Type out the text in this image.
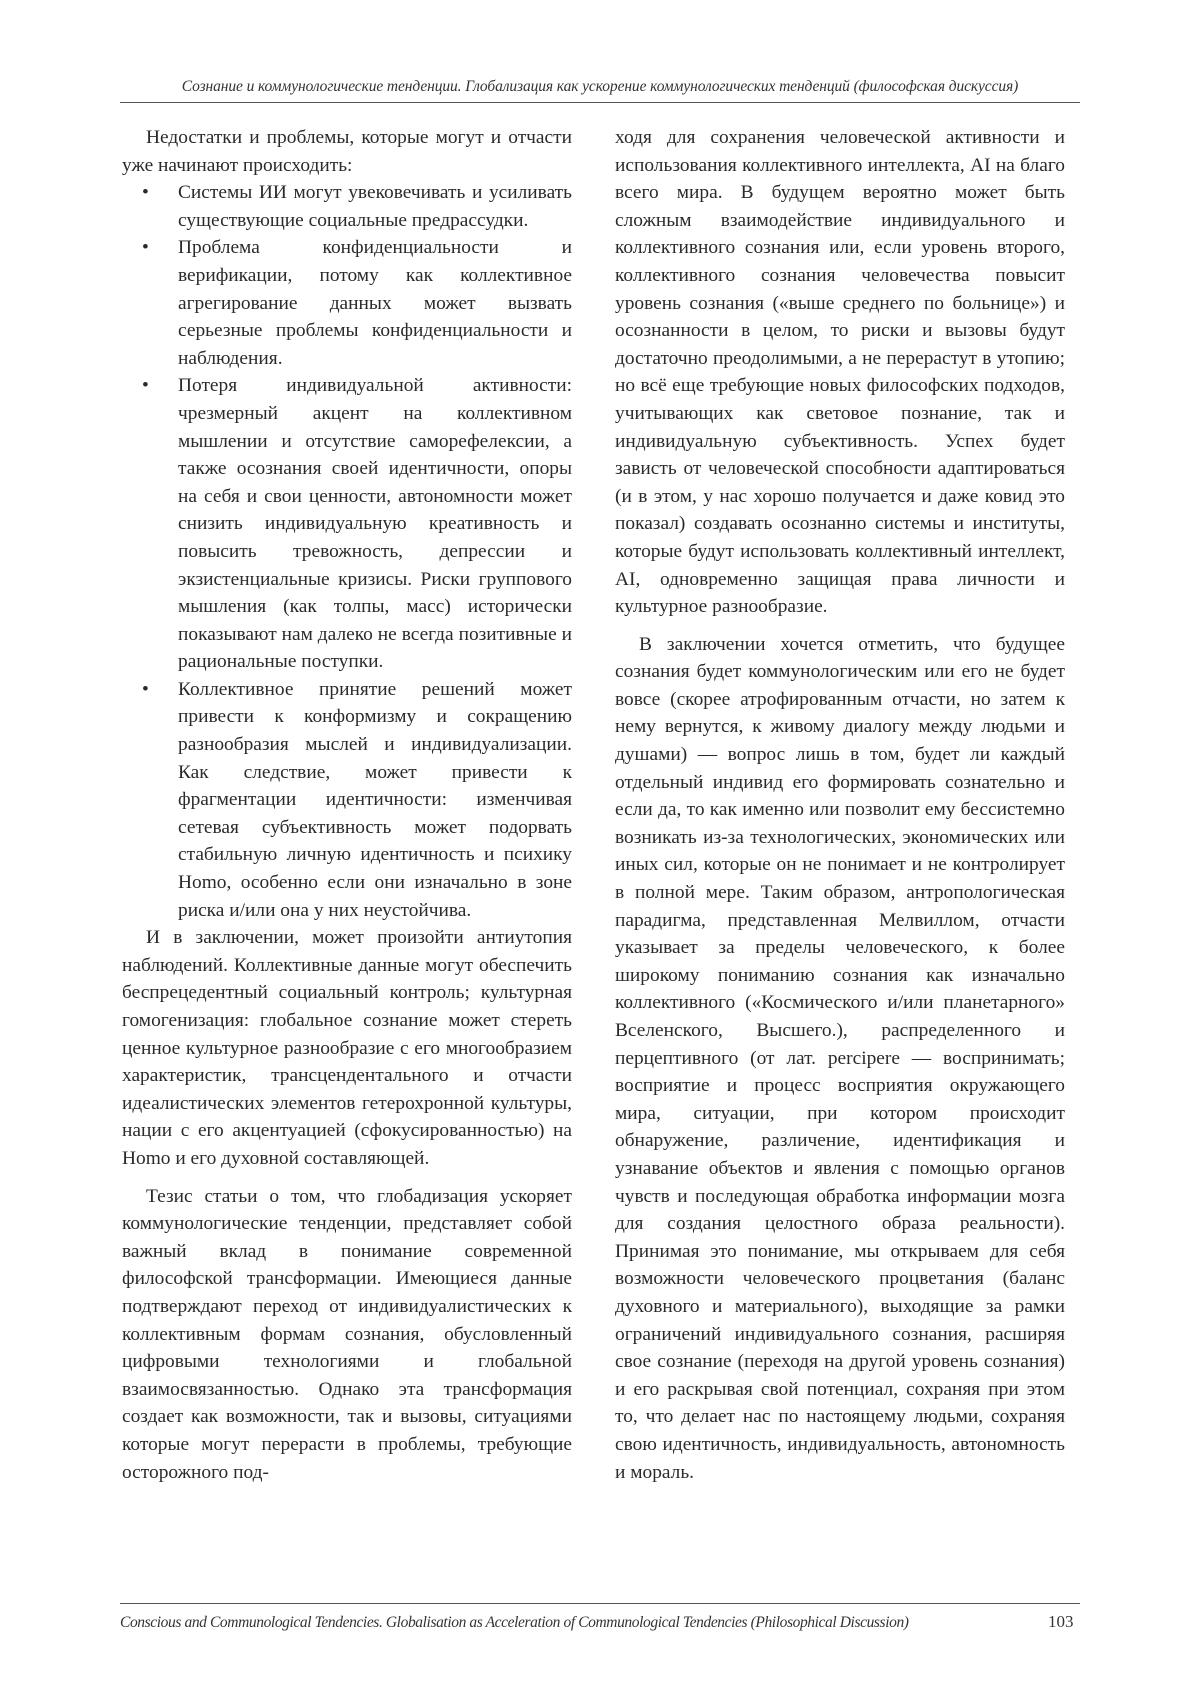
Сознание и коммунологические тенденции. Глобализация как ускорение коммунологических тенденций (философская дискуссия)

Недостатки и проблемы, которые могут и отчасти уже начинают происходить:

• Системы ИИ могут увековечивать и усиливать существующие социальные предрассудки.
• Проблема конфиденциальности и верификации, потому как коллективное агрегирование данных может вызвать серьезные проблемы конфиденциальности и наблюдения.
• Потеря индивидуальной активности: чрезмерный акцент на коллективном мышлении и отсутствие саморефелексии, а также осознания своей идентичности, опоры на себя и свои ценности, автономности может снизить индивидуальную креативность и повысить тревожность, депрессии и экзистенциальные кризисы. Риски группового мышления (как толпы, масс) исторически показывают нам далеко не всегда позитивные и рациональные поступки.
• Коллективное принятие решений может привести к конформизму и сокращению разнообразия мыслей и индивидуализации. Как следствие, может привести к фрагментации идентичности: изменчивая сетевая субъективность может подорвать стабильную личную идентичность и психику Homo, особенно если они изначально в зоне риска и/или она у них неустойчива.

И в заключении, может произойти антиутопия наблюдений. Коллективные данные могут обеспечить беспрецедентный социальный контроль; культурная гомогенизация: глобальное сознание может стереть ценное культурное разнообразие с его многообразием характеристик, трансцендентального и отчасти идеалистических элементов гетерохронной культуры, нации с его акцентуацией (сфокусированностью) на Homo и его духовной составляющей.

Тезис статьи о том, что глобадизация ускоряет коммунологические тенденции, представляет собой важный вклад в понимание современной философской трансформации. Имеющиеся данные подтверждают переход от индивидуалистических к коллективным формам сознания, обусловленный цифровыми технологиями и глобальной взаимосвязанностью. Однако эта трансформация создает как возможности, так и вызовы, ситуациями которые могут перерасти в проблемы, требующие осторожного под-

ходя для сохранения человеческой активности и использования коллективного интеллекта, AI на благо всего мира. В будущем вероятно может быть сложным взаимодействие индивидуального и коллективного сознания или, если уровень второго, коллективного сознания человечества повысит уровень сознания («выше среднего по больнице») и осознанности в целом, то риски и вызовы будут достаточно преодолимыми, а не перерастут в утопию; но всё еще требующие новых философских подходов, учитывающих как световое познание, так и индивидуальную субъективность. Успех будет зависть от человеческой способности адаптироваться (и в этом, у нас хорошо получается и даже ковид это показал) создавать осознанно системы и институты, которые будут использовать коллективный интеллект, AI, одновременно защищая права личности и культурное разнообразие.

В заключении хочется отметить, что будущее сознания будет коммунологическим или его не будет вовсе (скорее атрофированным отчасти, но затем к нему вернутся, к живому диалогу между людьми и душами) — вопрос лишь в том, будет ли каждый отдельный индивид его формировать сознательно и если да, то как именно или позволит ему бессистемно возникать из-за технологических, экономических или иных сил, которые он не понимает и не контролирует в полной мере. Таким образом, антропологическая парадигма, представленная Мелвиллом, отчасти указывает за пределы человеческого, к более широкому пониманию сознания как изначально коллективного («Космического и/или планетарного» Вселенского, Высшего.), распределенного и перцептивного (от лат. percipere — воспринимать; восприятие и процесс восприятия окружающего мира, ситуации, при котором происходит обнаружение, различение, идентификация и узнавание объектов и явления с помощью органов чувств и последующая обработка информации мозга для создания целостного образа реальности). Принимая это понимание, мы открываем для себя возможности человеческого процветания (баланс духовного и материального), выходящие за рамки ограничений индивидуального сознания, расширяя свое сознание (переходя на другой уровень сознания) и его раскрывая свой потенциал, сохраняя при этом то, что делает нас по настоящему людьми, сохраняя свою идентичность, индивидуальность, автономность и мораль.

Conscious and Communological Tendencies. Globalisation as Acceleration of Communological Tendencies (Philosophical Discussion)	103
